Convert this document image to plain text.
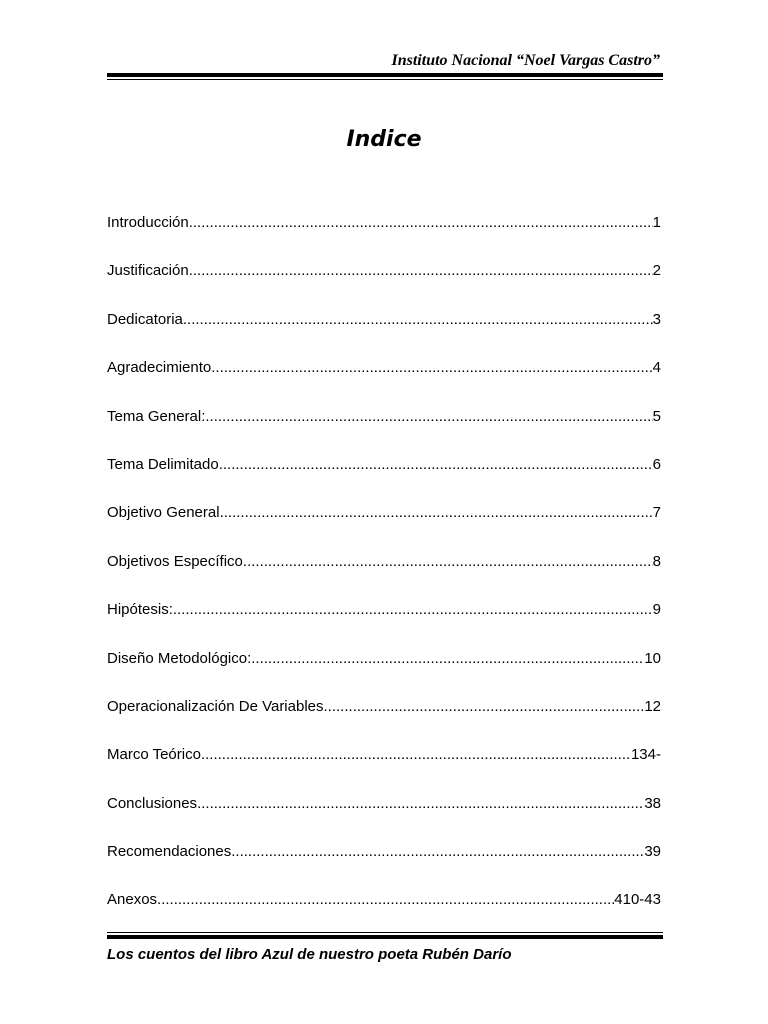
Instituto Nacional “Noel Vargas Castro”
Indice
Introducción .....	1
Justificación .....	2
Dedicatoria .....	3
Agradecimiento .....	4
Tema General: .....	5
Tema Delimitado .....	6
Objetivo General .....	7
Objetivos Específico .....	8
Hipótesis: .....	9
Diseño Metodológico: .....	10
Operacionalización De Variables .....	12
Marco Teórico .....	134-
Conclusiones .....	38
Recomendaciones .....	39
Anexos .....	410-43
Los cuentos del libro Azul de nuestro poeta Rubén Darío
